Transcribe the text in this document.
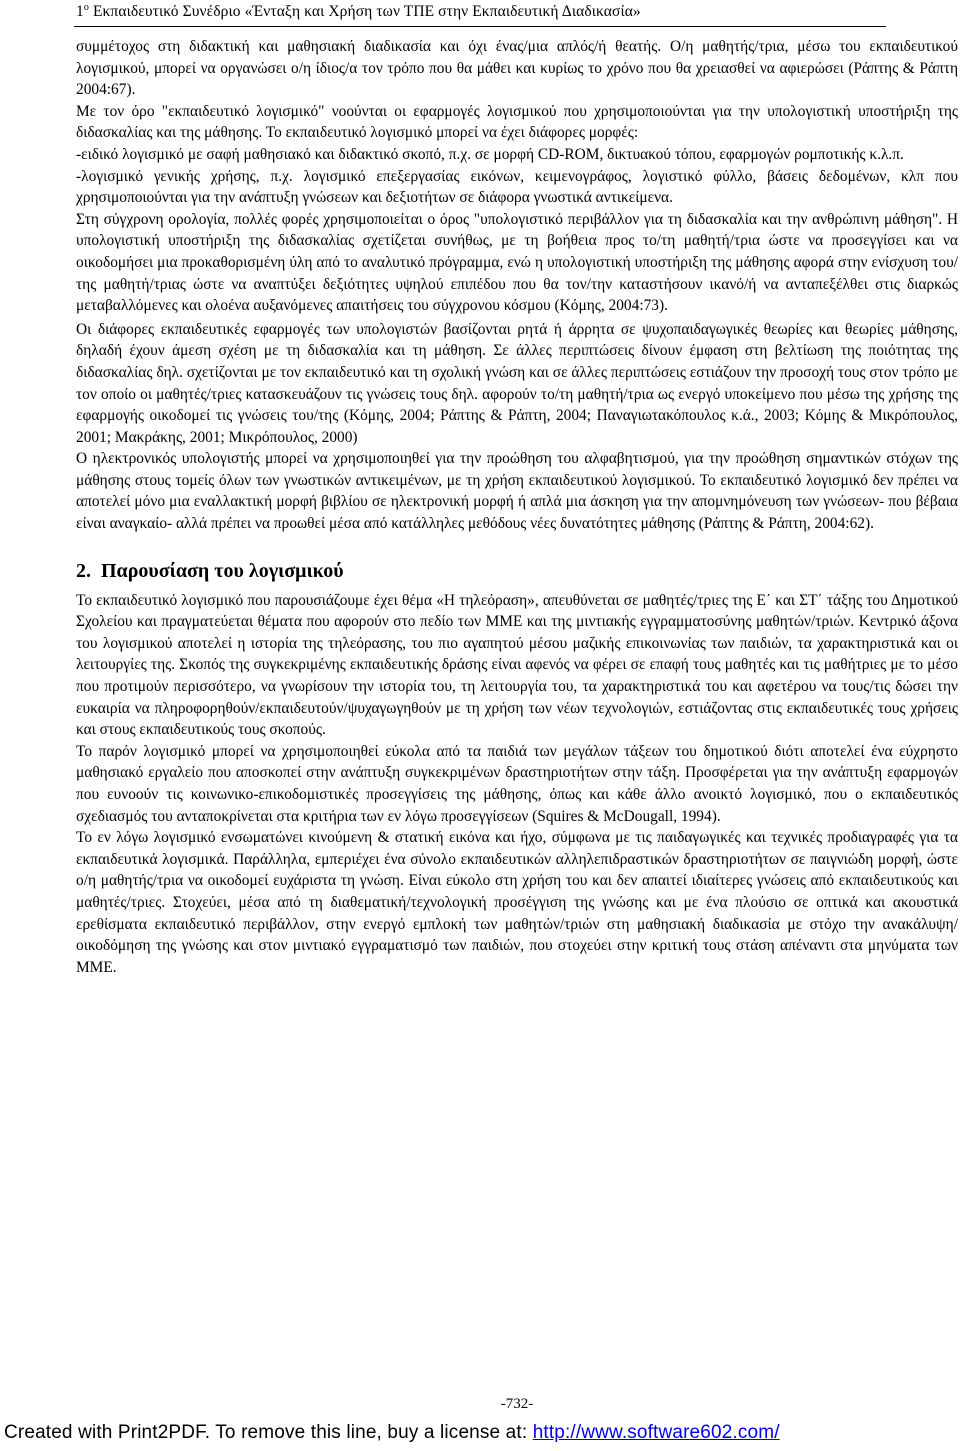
$1^o$ Εκπαιδευτικό Συνέδριο «Ένταξη και Χρήση των ΤΠΕ στην Εκπαιδευτική Διαδικασία»

συμμέτοχος στη διδακτική και μαθησιακή διαδικασία και όχι ένας/μια απλός/ή θεατής. Ο/η μαθητής/τρια, μέσω του εκπαιδευτικού λογισμικού, μπορεί να οργανώσει ο/η ίδιος/α τον τρόπο που θα μάθει και κυρίως το χρόνο που θα χρειασθεί να αφιερώσει (Ράπτης & Ράπτη 2004:67).

Με τον όρο "εκπαιδευτικό λογισμικό" νοούνται οι εφαρμογές λογισμικού που χρησιμοποιούνται για την υπολογιστική υποστήριξη της διδασκαλίας και της μάθησης. Το εκπαιδευτικό λογισμικό μπορεί να έχει διάφορες μορφές:

-ειδικό λογισμικό με σαφή μαθησιακό και διδακτικό σκοπό, π.χ. σε μορφή CD-ROM, δικτυακού τόπου, εφαρμογών ρομποτικής κ.λ.π.

-λογισμικό γενικής χρήσης, π.χ. λογισμικό επεξεργασίας εικόνων, κειμενογράφος, λογιστικό φύλλο, βάσεις δεδομένων, κλπ που χρησιμοποιούνται για την ανάπτυξη γνώσεων και δεξιοτήτων σε διάφορα γνωστικά αντικείμενα.

Στη σύγχρονη ορολογία, πολλές φορές χρησιμοποιείται ο όρος "υπολογιστικό περιβάλλον για τη διδασκαλία και την ανθρώπινη μάθηση". Η υπολογιστική υποστήριξη της διδασκαλίας σχετίζεται συνήθως, με τη βοήθεια προς το/τη μαθητή/τρια ώστε να προσεγγίσει και να οικοδομήσει μια προκαθορισμένη ύλη από το αναλυτικό πρόγραμμα, ενώ η υπολογιστική υποστήριξη της μάθησης αφορά στην ενίσχυση του/της μαθητή/τριας ώστε να αναπτύξει δεξιότητες υψηλού επιπέδου που θα τον/την καταστήσουν ικανό/ή να ανταπεξέλθει στις διαρκώς μεταβαλλόμενες και ολοένα αυξανόμενες απαιτήσεις του σύγχρονου κόσμου (Κόμης, 2004:73).

Οι διάφορες εκπαιδευτικές εφαρμογές των υπολογιστών βασίζονται ρητά ή άρρητα σε ψυχοπαιδαγωγικές θεωρίες και θεωρίες μάθησης, δηλαδή έχουν άμεση σχέση με τη διδασκαλία και τη μάθηση. Σε άλλες περιπτώσεις δίνουν έμφαση στη βελτίωση της ποιότητας της διδασκαλίας δηλ. σχετίζονται με τον εκπαιδευτικό και τη σχολική γνώση και σε άλλες περιπτώσεις εστιάζουν την προσοχή τους στον τρόπο με τον οποίο οι μαθητές/τριες κατασκευάζουν τις γνώσεις τους δηλ. αφορούν το/τη μαθητή/τρια ως ενεργό υποκείμενο που μέσω της χρήσης της εφαρμογής οικοδομεί τις γνώσεις του/της (Κόμης, 2004; Ράπτης & Ράπτη, 2004; Παναγιωτακόπουλος κ.ά., 2003; Κόμης & Μικρόπουλος, 2001; Μακράκης, 2001; Μικρόπουλος, 2000)

Ο ηλεκτρονικός υπολογιστής μπορεί να χρησιμοποιηθεί για την προώθηση του αλφαβητισμού, για την προώθηση σημαντικών στόχων της μάθησης στους τομείς όλων των γνωστικών αντικειμένων, με τη χρήση εκπαιδευτικού λογισμικού. Το εκπαιδευτικό λογισμικό δεν πρέπει να αποτελεί μόνο μια εναλλακτική μορφή βιβλίου σε ηλεκτρονική μορφή ή απλά μια άσκηση για την απομνημόνευση των γνώσεων- που βέβαια είναι αναγκαίο- αλλά πρέπει να προωθεί μέσα από κατάλληλες μεθόδους νέες δυνατότητες μάθησης (Ράπτης & Ράπτη, 2004:62).

2. Παρουσίαση του λογισμικού

Το εκπαιδευτικό λογισμικό που παρουσιάζουμε έχει θέμα «Η τηλεόραση», απευθύνεται σε μαθητές/τριες της Ε΄ και ΣΤ΄ τάξης του Δημοτικού Σχολείου και πραγματεύεται θέματα που αφορούν στο πεδίο των ΜΜΕ και της μιντιακής εγγραμματοσύνης μαθητών/τριών. Κεντρικό άξονα του λογισμικού αποτελεί η ιστορία της τηλεόρασης, του πιο αγαπητού μέσου μαζικής επικοινωνίας των παιδιών, τα χαρακτηριστικά και οι λειτουργίες της. Σκοπός της συγκεκριμένης εκπαιδευτικής δράσης είναι αφενός να φέρει σε επαφή τους μαθητές και τις μαθήτριες με το μέσο που προτιμούν περισσότερο, να γνωρίσουν την ιστορία του, τη λειτουργία του, τα χαρακτηριστικά του και αφετέρου να τους/τις δώσει την ευκαιρία να πληροφορηθούν/εκπαιδευτούν/ψυχαγωγηθούν με τη χρήση των νέων τεχνολογιών, εστιάζοντας στις εκπαιδευτικές τους χρήσεις και στους εκπαιδευτικούς τους σκοπούς.

Το παρόν λογισμικό μπορεί να χρησιμοποιηθεί εύκολα από τα παιδιά των μεγάλων τάξεων του δημοτικού διότι αποτελεί ένα εύχρηστο μαθησιακό εργαλείο που αποσκοπεί στην ανάπτυξη συγκεκριμένων δραστηριοτήτων στην τάξη. Προσφέρεται για την ανάπτυξη εφαρμογών που ευνοούν τις κοινωνικο-επικοδομιστικές προσεγγίσεις της μάθησης, όπως και κάθε άλλο ανοικτό λογισμικό, που ο εκπαιδευτικός σχεδιασμός του ανταποκρίνεται στα κριτήρια των εν λόγω προσεγγίσεων (Squires & McDougall, 1994).

Το εν λόγω λογισμικό ενσωματώνει κινούμενη & στατική εικόνα και ήχο, σύμφωνα με τις παιδαγωγικές και τεχνικές προδιαγραφές για τα εκπαιδευτικά λογισμικά. Παράλληλα, εμπεριέχει ένα σύνολο εκπαιδευτικών αλληλεπιδραστικών δραστηριοτήτων σε παιγνιώδη μορφή, ώστε ο/η μαθητής/τρια να οικοδομεί ευχάριστα τη γνώση. Είναι εύκολο στη χρήση του και δεν απαιτεί ιδιαίτερες γνώσεις από εκπαιδευτικούς και μαθητές/τριες. Στοχεύει, μέσα από τη διαθεματική/τεχνολογική προσέγγιση της γνώσης και με ένα πλούσιο σε οπτικά και ακουστικά ερεθίσματα εκπαιδευτικό περιβάλλον, στην ενεργό εμπλοκή των μαθητών/τριών στη μαθησιακή διαδικασία με στόχο την ανακάλυψη/οικοδόμηση της γνώσης και στον μιντιακό εγγραματισμό των παιδιών, που στοχεύει στην κριτική τους στάση απέναντι στα μηνύματα των ΜΜΕ.

-732-
Created with Print2PDF. To remove this line, buy a license at: http://www.software602.com/
